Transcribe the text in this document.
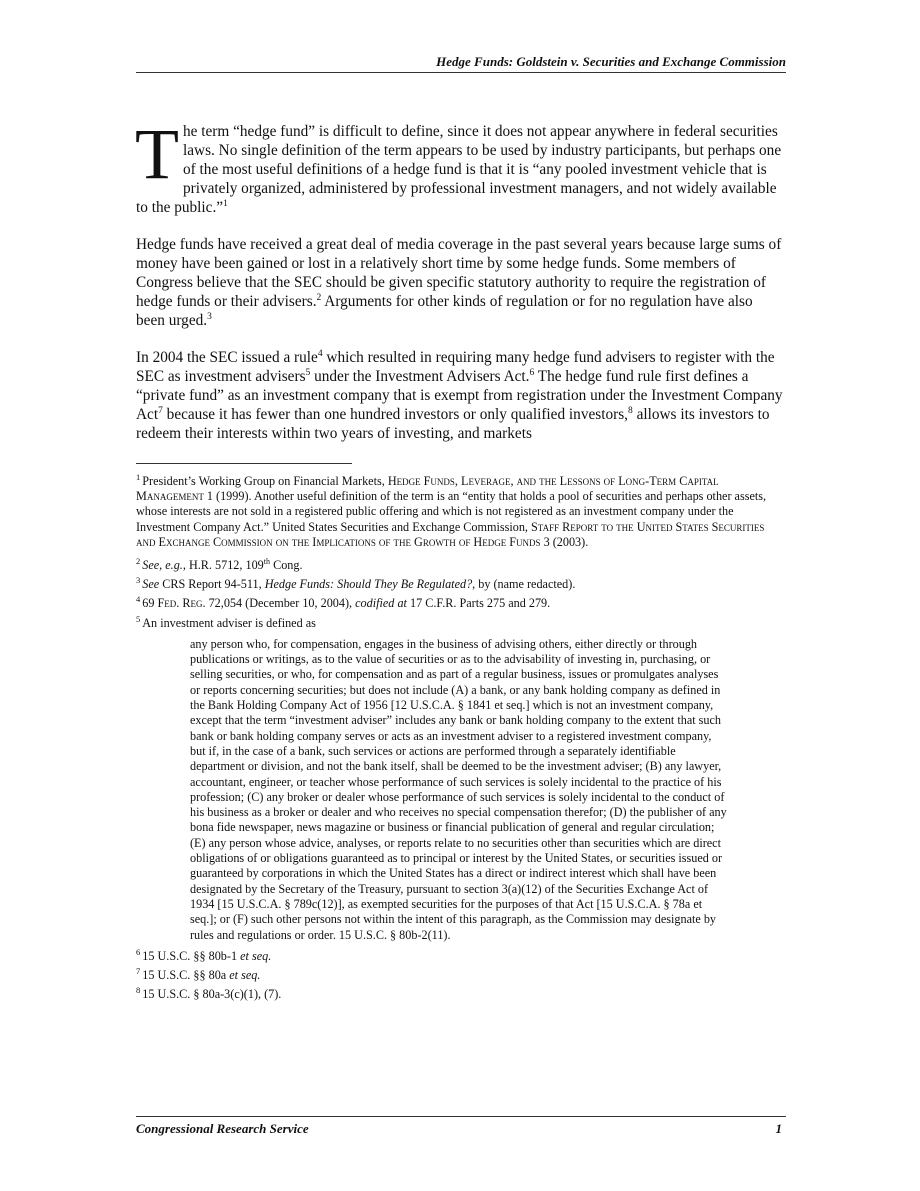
Hedge Funds: Goldstein v. Securities and Exchange Commission

The term “hedge fund” is difficult to define, since it does not appear anywhere in federal securities laws. No single definition of the term appears to be used by industry participants, but perhaps one of the most useful definitions of a hedge fund is that it is “any pooled investment vehicle that is privately organized, administered by professional investment managers, and not widely available to the public.”$^1$

Hedge funds have received a great deal of media coverage in the past several years because large sums of money have been gained or lost in a relatively short time by some hedge funds. Some members of Congress believe that the SEC should be given specific statutory authority to require the registration of hedge funds or their advisers.$^2$ Arguments for other kinds of regulation or for no regulation have also been urged.$^3$

In 2004 the SEC issued a rule$^4$ which resulted in requiring many hedge fund advisers to register with the SEC as investment advisers$^5$ under the Investment Advisers Act.$^6$ The hedge fund rule first defines a “private fund” as an investment company that is exempt from registration under the Investment Company Act$^7$ because it has fewer than one hundred investors or only qualified investors,$^8$ allows its investors to redeem their interests within two years of investing, and markets

$^1$ President’s Working Group on Financial Markets, Hedge Funds, Leverage, and the Lessons of Long-Term Capital Management 1 (1999). Another useful definition of the term is an “entity that holds a pool of securities and perhaps other assets, whose interests are not sold in a registered public offering and which is not registered as an investment company under the Investment Company Act.” United States Securities and Exchange Commission, Staff Report to the United States Securities and Exchange Commission on the Implications of the Growth of Hedge Funds 3 (2003).

$^2$ See, e.g., H.R. 5712, 109th Cong.

$^3$ See CRS Report 94-511, Hedge Funds: Should They Be Regulated?, by (name redacted).

$^4$ 69 Fed. Reg. 72,054 (December 10, 2004), codified at 17 C.F.R. Parts 275 and 279.

$^5$ An investment adviser is defined as
any person who, for compensation, engages in the business of advising others, either directly or through publications or writings, as to the value of securities or as to the advisability of investing in, purchasing, or selling securities, or who, for compensation and as part of a regular business, issues or promulgates analyses or reports concerning securities; but does not include (A) a bank, or any bank holding company as defined in the Bank Holding Company Act of 1956 [12 U.S.C.A. § 1841 et seq.] which is not an investment company, except that the term “investment adviser” includes any bank or bank holding company to the extent that such bank or bank holding company serves or acts as an investment adviser to a registered investment company, but if, in the case of a bank, such services or actions are performed through a separately identifiable department or division, and not the bank itself, shall be deemed to be the investment adviser; (B) any lawyer, accountant, engineer, or teacher whose performance of such services is solely incidental to the practice of his profession; (C) any broker or dealer whose performance of such services is solely incidental to the conduct of his business as a broker or dealer and who receives no special compensation therefor; (D) the publisher of any bona fide newspaper, news magazine or business or financial publication of general and regular circulation; (E) any person whose advice, analyses, or reports relate to no securities other than securities which are direct obligations of or obligations guaranteed as to principal or interest by the United States, or securities issued or guaranteed by corporations in which the United States has a direct or indirect interest which shall have been designated by the Secretary of the Treasury, pursuant to section 3(a)(12) of the Securities Exchange Act of 1934 [15 U.S.C.A. § 789c(12)], as exempted securities for the purposes of that Act [15 U.S.C.A. § 78a et seq.]; or (F) such other persons not within the intent of this paragraph, as the Commission may designate by rules and regulations or order. 15 U.S.C. § 80b-2(11).

$^6$ 15 U.S.C. §§ 80b-1 et seq.

$^7$ 15 U.S.C. §§ 80a et seq.

$^8$ 15 U.S.C. § 80a-3(c)(1), (7).

Congressional Research Service	1
